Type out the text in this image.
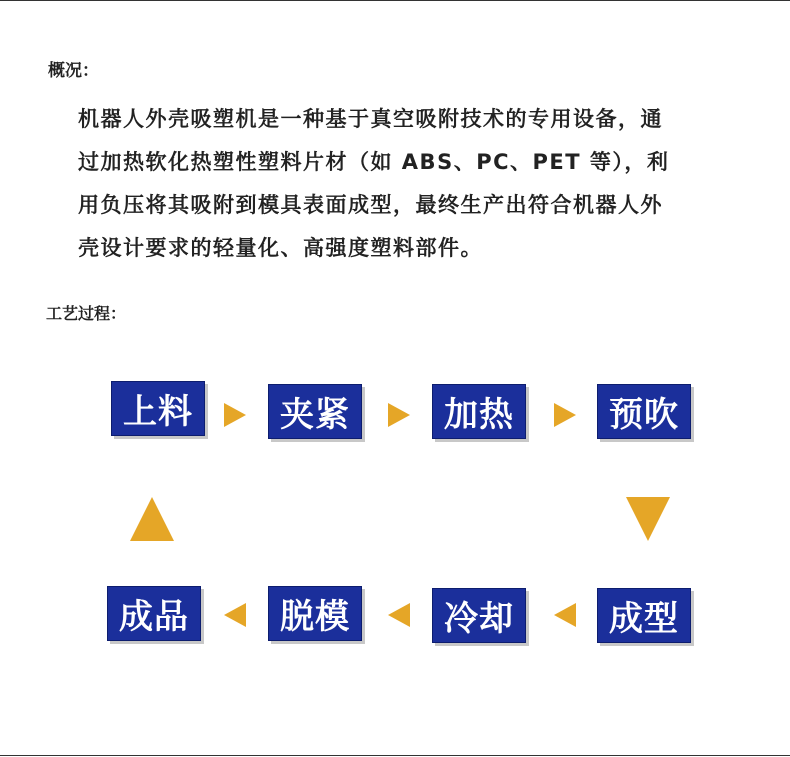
概况：
机器人外壳吸塑机是一种基于真空吸附技术的专用设备，通
过加热软化热塑性塑料片材（如 ABS、PC、PET 等），利
用负压将其吸附到模具表面成型，最终生产出符合机器人外
壳设计要求的轻量化、高强度塑料部件。
工艺过程：
上料	夹紧	加热	预吹
成品	脱模	冷却	成型
